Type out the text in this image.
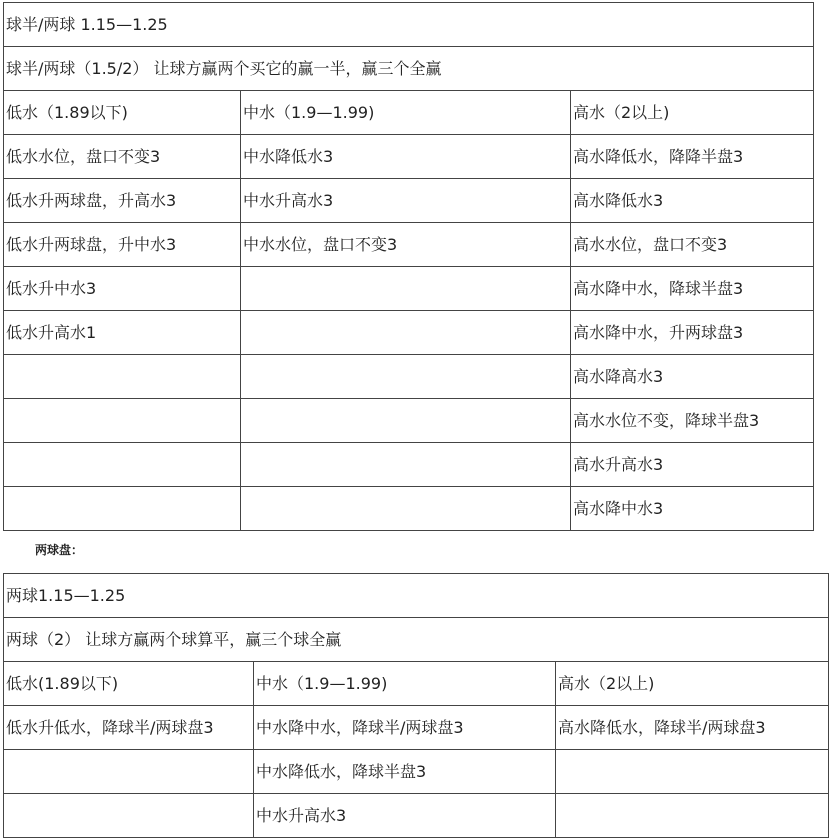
球半/两球 1.15—1.25		
球半/两球（1.5/2） 让球方赢两个买它的赢一半，赢三个全赢		
低水（1.89以下)	中水（1.9—1.99)	高水（2以上)
低水水位，盘口不变3	中水降低水3	高水降低水，降降半盘3
低水升两球盘，升高水3	中水升高水3	高水降低水3
低水升两球盘，升中水3	中水水位，盘口不变3	高水水位，盘口不变3
低水升中水3		高水降中水，降球半盘3
低水升高水1		高水降中水，升两球盘3
		高水降高水3
		高水水位不变，降球半盘3
		高水升高水3
		高水降中水3
两球盘：
两球1.15—1.25		
两球（2） 让球方赢两个球算平，赢三个球全赢		
低水(1.89以下)	中水（1.9—1.99)	高水（2以上)
低水升低水，降球半/两球盘3	中水降中水，降球半/两球盘3	高水降低水，降球半/两球盘3
	中水降低水，降球半盘3	
	中水升高水3	
